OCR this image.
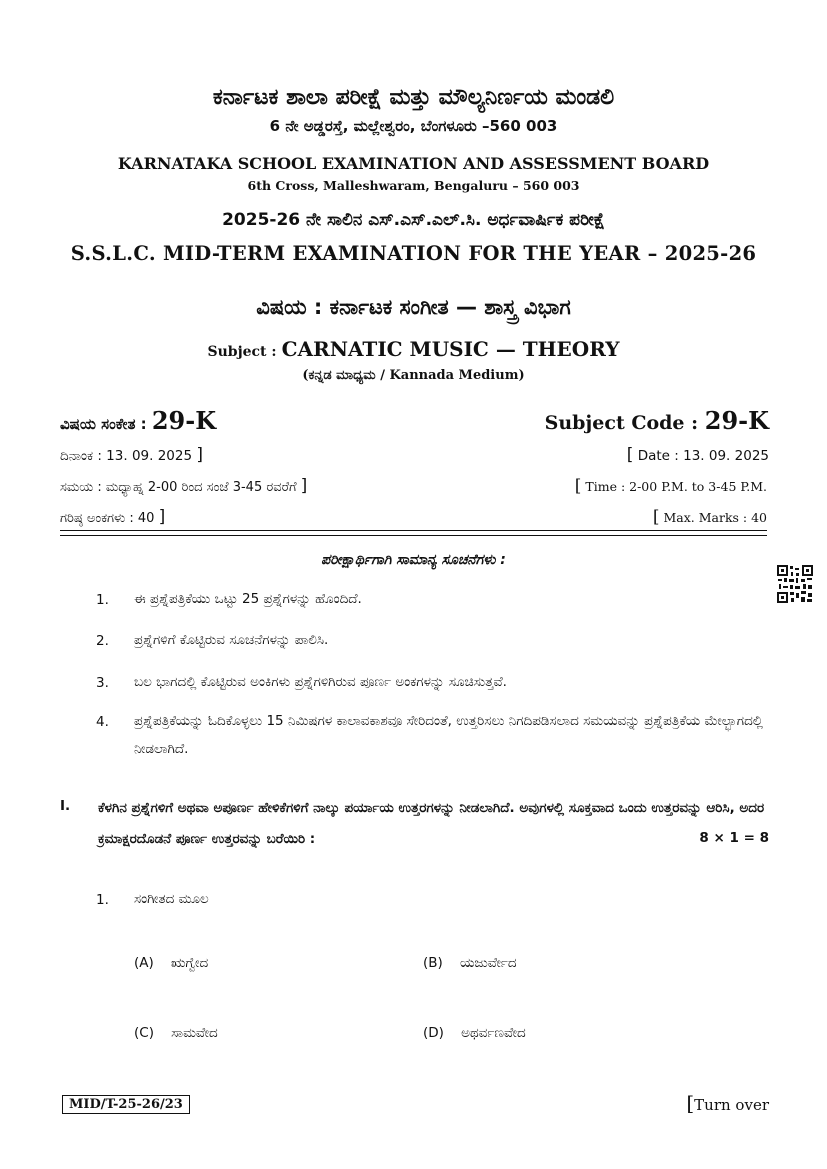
ಕರ್ನಾಟಕ ಶಾಲಾ ಪರೀಕ್ಷೆ ಮತ್ತು ಮೌಲ್ಯನಿರ್ಣಯ ಮಂಡಲಿ
6 ನೇ ಅಡ್ಡರಸ್ತೆ, ಮಲ್ಲೇಶ್ವರಂ, ಬೆಂಗಳೂರು –560 003
KARNATAKA SCHOOL EXAMINATION AND ASSESSMENT BOARD
6th Cross, Malleshwaram, Bengaluru – 560 003
2025-26 ನೇ ಸಾಲಿನ ಎಸ್.ಎಸ್.ಎಲ್.ಸಿ. ಅರ್ಧವಾರ್ಷಿಕ ಪರೀಕ್ಷೆ
S.S.L.C. MID-TERM EXAMINATION FOR THE YEAR – 2025-26
ವಿಷಯ : ಕರ್ನಾಟಕ ಸಂಗೀತ — ಶಾಸ್ತ್ರ ವಿಭಾಗ
Subject : CARNATIC MUSIC — THEORY
(ಕನ್ನಡ ಮಾಧ್ಯಮ / Kannada Medium)
ವಿಷಯ ಸಂಕೇತ : 29-K	Subject Code : 29-K
ದಿನಾಂಕ : 13. 09. 2025 ]	[ Date : 13. 09. 2025
ಸಮಯ : ಮಧ್ಯಾಹ್ನ 2-00 ರಿಂದ ಸಂಜೆ 3-45 ರವರೆಗೆ ]	[ Time : 2-00 P.M. to 3-45 P.M.
ಗರಿಷ್ಠ ಅಂಕಗಳು : 40 ]	[ Max. Marks : 40
ಪರೀಕ್ಷಾರ್ಥಿಗಾಗಿ ಸಾಮಾನ್ಯ ಸೂಚನೆಗಳು :
1. ಈ ಪ್ರಶ್ನೆಪತ್ರಿಕೆಯು ಒಟ್ಟು 25 ಪ್ರಶ್ನೆಗಳನ್ನು ಹೊಂದಿದೆ.
2. ಪ್ರಶ್ನೆಗಳಿಗೆ ಕೊಟ್ಟಿರುವ ಸೂಚನೆಗಳನ್ನು ಪಾಲಿಸಿ.
3. ಬಲ ಭಾಗದಲ್ಲಿ ಕೊಟ್ಟಿರುವ ಅಂಕಿಗಳು ಪ್ರಶ್ನೆಗಳಿಗಿರುವ ಪೂರ್ಣ ಅಂಕಗಳನ್ನು ಸೂಚಿಸುತ್ತವೆ.
4. ಪ್ರಶ್ನೆಪತ್ರಿಕೆಯನ್ನು ಓದಿಕೊಳ್ಳಲು 15 ನಿಮಿಷಗಳ ಕಾಲಾವಕಾಶವೂ ಸೇರಿದಂತೆ, ಉತ್ತರಿಸಲು ನಿಗದಿಪಡಿಸಲಾದ ಸಮಯವನ್ನು ಪ್ರಶ್ನೆಪತ್ರಿಕೆಯ ಮೇಲ್ಭಾಗದಲ್ಲಿ ನೀಡಲಾಗಿದೆ.
I. ಕೆಳಗಿನ ಪ್ರಶ್ನೆಗಳಿಗೆ ಅಥವಾ ಅಪೂರ್ಣ ಹೇಳಿಕೆಗಳಿಗೆ ನಾಲ್ಕು ಪರ್ಯಾಯ ಉತ್ತರಗಳನ್ನು ನೀಡಲಾಗಿದೆ. ಅವುಗಳಲ್ಲಿ ಸೂಕ್ತವಾದ ಒಂದು ಉತ್ತರವನ್ನು ಆರಿಸಿ, ಅದರ ಕ್ರಮಾಕ್ಷರದೊಡನೆ ಪೂರ್ಣ ಉತ್ತರವನ್ನು ಬರೆಯಿರಿ :	8 × 1 = 8
1. ಸಂಗೀತದ ಮೂಲ
(A) ಋಗ್ವೇದ	(B) ಯಜುರ್ವೇದ
(C) ಸಾಮವೇದ	(D) ಅಥರ್ವಣವೇದ
MID/T-25-26/23	[Turn over
